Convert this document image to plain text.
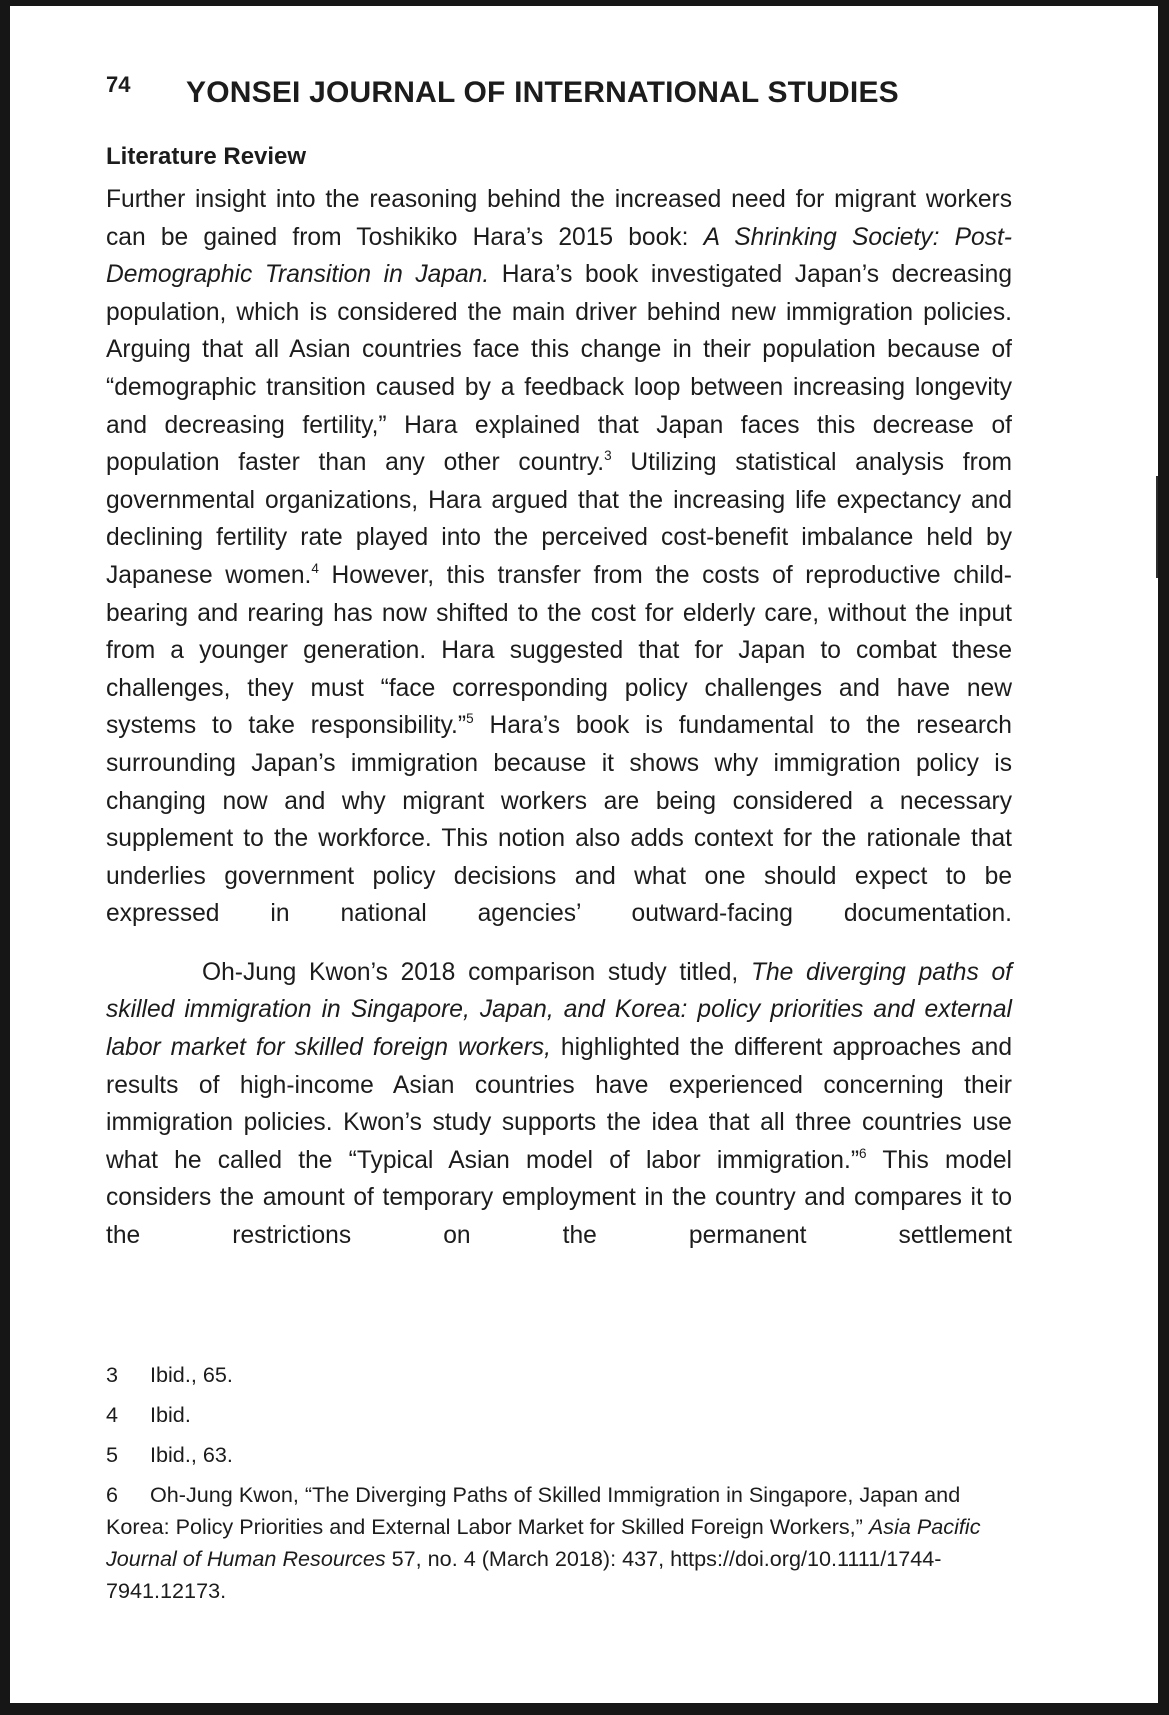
74 YONSEI JOURNAL OF INTERNATIONAL STUDIES
Literature Review

Further insight into the reasoning behind the increased need for migrant workers can be gained from Toshikiko Hara’s 2015 book: A Shrinking Society: Post-Demographic Transition in Japan. Hara’s book investigated Japan’s decreasing population, which is considered the main driver behind new immigration policies. Arguing that all Asian countries face this change in their population because of “demographic transition caused by a feedback loop between increasing longevity and decreasing fertility,” Hara explained that Japan faces this decrease of population faster than any other country.$^3$ Utilizing statistical analysis from governmental organizations, Hara argued that the increasing life expectancy and declining fertility rate played into the perceived cost-benefit imbalance held by Japanese women.$^4$ However, this transfer from the costs of reproductive child-bearing and rearing has now shifted to the cost for elderly care, without the input from a younger generation. Hara suggested that for Japan to combat these challenges, they must “face corresponding policy challenges and have new systems to take responsibility.”$^5$ Hara’s book is fundamental to the research surrounding Japan’s immigration because it shows why immigration policy is changing now and why migrant workers are being considered a necessary supplement to the workforce. This notion also adds context for the rationale that underlies government policy decisions and what one should expect to be expressed in national agencies’ outward-facing documentation.

Oh-Jung Kwon’s 2018 comparison study titled, The diverging paths of skilled immigration in Singapore, Japan, and Korea: policy priorities and external labor market for skilled foreign workers, highlighted the different approaches and results of high-income Asian countries have experienced concerning their immigration policies. Kwon’s study supports the idea that all three countries use what he called the “Typical Asian model of labor immigration.”$^6$ This model considers the amount of temporary employment in the country and compares it to the restrictions on the permanent settlement

3 Ibid., 65.

4 Ibid.

5 Ibid., 63.

6 Oh-Jung Kwon, “The Diverging Paths of Skilled Immigration in Singapore, Japan and Korea: Policy Priorities and External Labor Market for Skilled Foreign Workers,” Asia Pacific Journal of Human Resources 57, no. 4 (March 2018): 437, https://doi.org/10.1111/1744-7941.12173.
